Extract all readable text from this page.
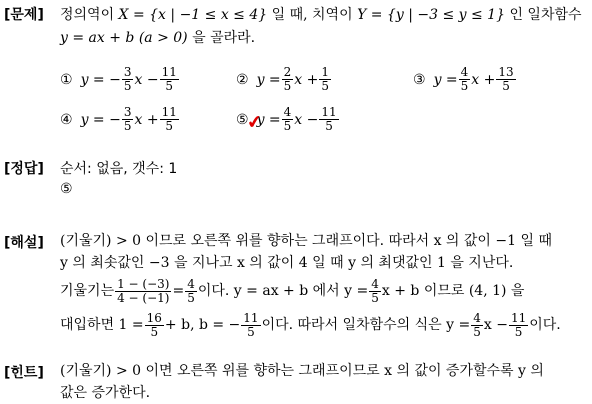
[문제] 정의역이 X = {x | −1 ≤ x ≤ 4} 일 때, 치역이 Y = {y | −3 ≤ y ≤ 1} 인 일차함수
y = ax + b (a > 0) 을 골라라.
① y = − $\frac{3}{5}$ $x - \frac{11}{5}$	② $y = \frac{2}{5}$ $x + \frac{1}{5}$	③ $y = \frac{4}{5}$ $x + \frac{13}{5}$
④ y = − $\frac{3}{5}$ $x + \frac{11}{5}$	⑤ $y = \frac{4}{5}$ $x - \frac{11}{5}$
✔
[정답] 순서: 없음, 갯수: 1
⑤
[해설] (기울기) > 0 이므로 오른쪽 위를 향하는 그래프이다. 따라서 x 의 값이 −1 일 때
y 의 최솟값인 −3 을 지나고 x 의 값이 4 일 때 y 의 최댓값인 1 을 지난다.
기울기는 $\frac{1 - (-3)}{4 - (-1)} = \frac{4}{5}$ 이다. y = ax + b 에서 $y = \frac{4}{5}$ x + b 이므로 (4, 1) 을
대입하면 $1 = \frac{16}{5} + b$, b = − $\frac{11}{5}$ 이다. 따라서 일차함수의 식은 $y = \frac{4}{5}$ $x - \frac{11}{5}$ 이다.
[힌트] (기울기) > 0 이면 오른쪽 위를 향하는 그래프이므로 x 의 값이 증가할수록 y 의
값은 증가한다.
